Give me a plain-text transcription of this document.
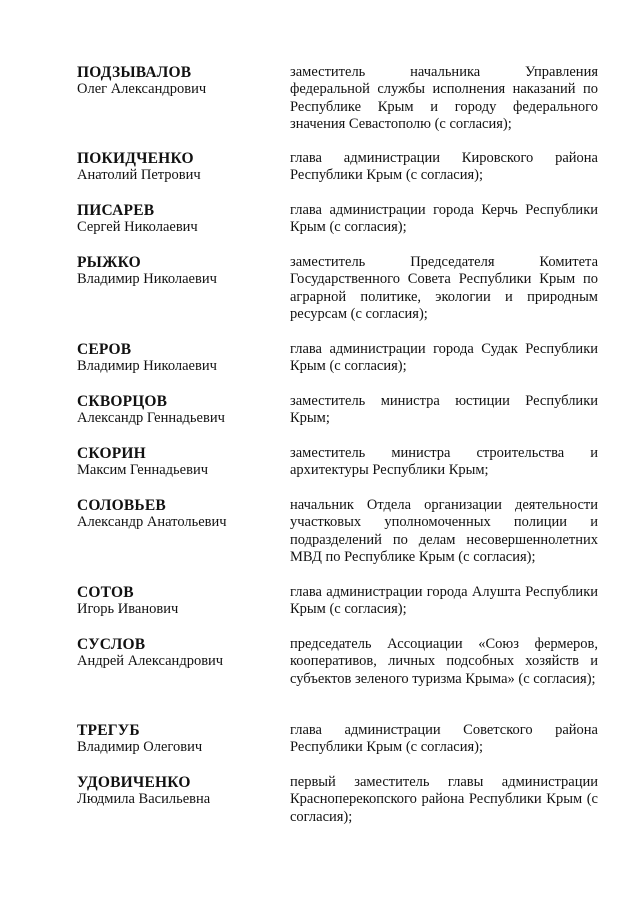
ПОДЗЫВАЛОВ
Олег Александрович
заместитель начальника Управления федеральной службы исполнения наказаний по Республике Крым и городу федерального значения Севастополю (с согласия);
ПОКИДЧЕНКО
Анатолий Петрович
глава администрации Кировского района Республики Крым (с согласия);
ПИСАРЕВ
Сергей Николаевич
глава администрации города Керчь Республики Крым (с согласия);
РЫЖКО
Владимир Николаевич
заместитель Председателя Комитета Государственного Совета Республики Крым по аграрной политике, экологии и природным ресурсам (с согласия);
СЕРОВ
Владимир Николаевич
глава администрации города Судак Республики Крым (с согласия);
СКВОРЦОВ
Александр Геннадьевич
заместитель министра юстиции Республики Крым;
СКОРИН
Максим Геннадьевич
заместитель министра строительства и архитектуры Республики Крым;
СОЛОВЬЕВ
Александр Анатольевич
начальник Отдела организации деятельности участковых уполномоченных полиции и подразделений по делам несовершеннолетних МВД по Республике Крым (с согласия);
СОТОВ
Игорь Иванович
глава администрации города Алушта Республики Крым (с согласия);
СУСЛОВ
Андрей Александрович
председатель Ассоциации «Союз фермеров, кооперативов, личных подсобных хозяйств и субъектов зеленого туризма Крыма» (с согласия);
ТРЕГУБ
Владимир Олегович
глава администрации Советского района Республики Крым (с согласия);
УДОВИЧЕНКО
Людмила Васильевна
первый заместитель главы администрации Красноперекопского района Республики Крым (с согласия);
